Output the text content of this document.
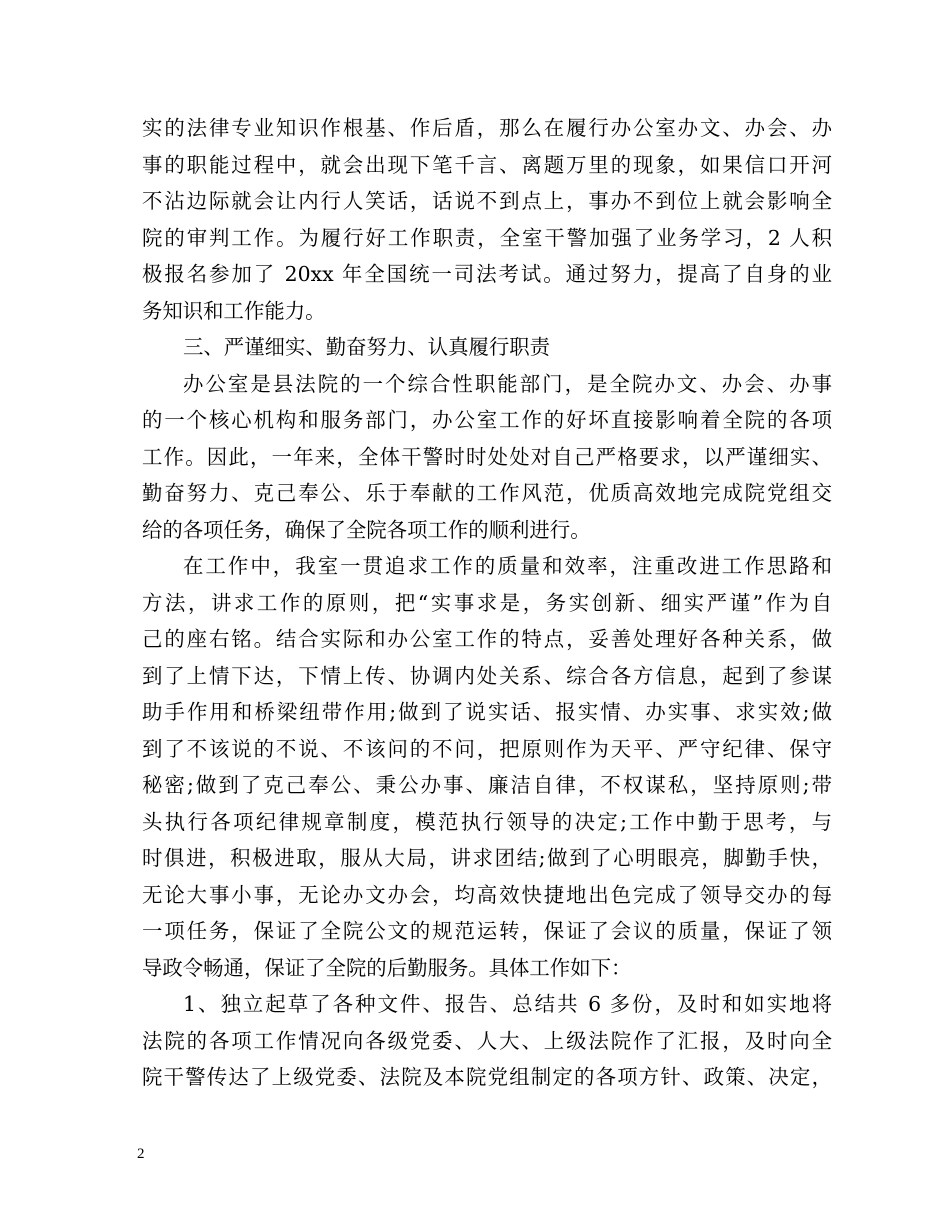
实的法律专业知识作根基、作后盾，那么在履行办公室办文、办会、办
事的职能过程中，就会出现下笔千言、离题万里的现象，如果信口开河
不沾边际就会让内行人笑话，话说不到点上，事办不到位上就会影响全
院的审判工作。为履行好工作职责，全室干警加强了业务学习，2 人积
极报名参加了 20xx 年全国统一司法考试。通过努力，提高了自身的业
务知识和工作能力。
三、严谨细实、勤奋努力、认真履行职责
办公室是县法院的一个综合性职能部门，是全院办文、办会、办事
的一个核心机构和服务部门，办公室工作的好坏直接影响着全院的各项
工作。因此，一年来，全体干警时时处处对自己严格要求，以严谨细实、
勤奋努力、克己奉公、乐于奉献的工作风范，优质高效地完成院党组交
给的各项任务，确保了全院各项工作的顺利进行。
在工作中，我室一贯追求工作的质量和效率，注重改进工作思路和
方法，讲求工作的原则，把“实事求是，务实创新、细实严谨”作为自
己的座右铭。结合实际和办公室工作的特点，妥善处理好各种关系，做
到了上情下达，下情上传、协调内处关系、综合各方信息，起到了参谋
助手作用和桥梁纽带作用;做到了说实话、报实情、办实事、求实效;做
到了不该说的不说、不该问的不问，把原则作为天平、严守纪律、保守
秘密;做到了克己奉公、秉公办事、廉洁自律，不权谋私，坚持原则;带
头执行各项纪律规章制度，模范执行领导的决定;工作中勤于思考，与
时俱进，积极进取，服从大局，讲求团结;做到了心明眼亮，脚勤手快，
无论大事小事，无论办文办会，均高效快捷地出色完成了领导交办的每
一项任务，保证了全院公文的规范运转，保证了会议的质量，保证了领
导政令畅通，保证了全院的后勤服务。具体工作如下：
1、独立起草了各种文件、报告、总结共 6 多份，及时和如实地将
法院的各项工作情况向各级党委、人大、上级法院作了汇报，及时向全
院干警传达了上级党委、法院及本院党组制定的各项方针、政策、决定，
2
